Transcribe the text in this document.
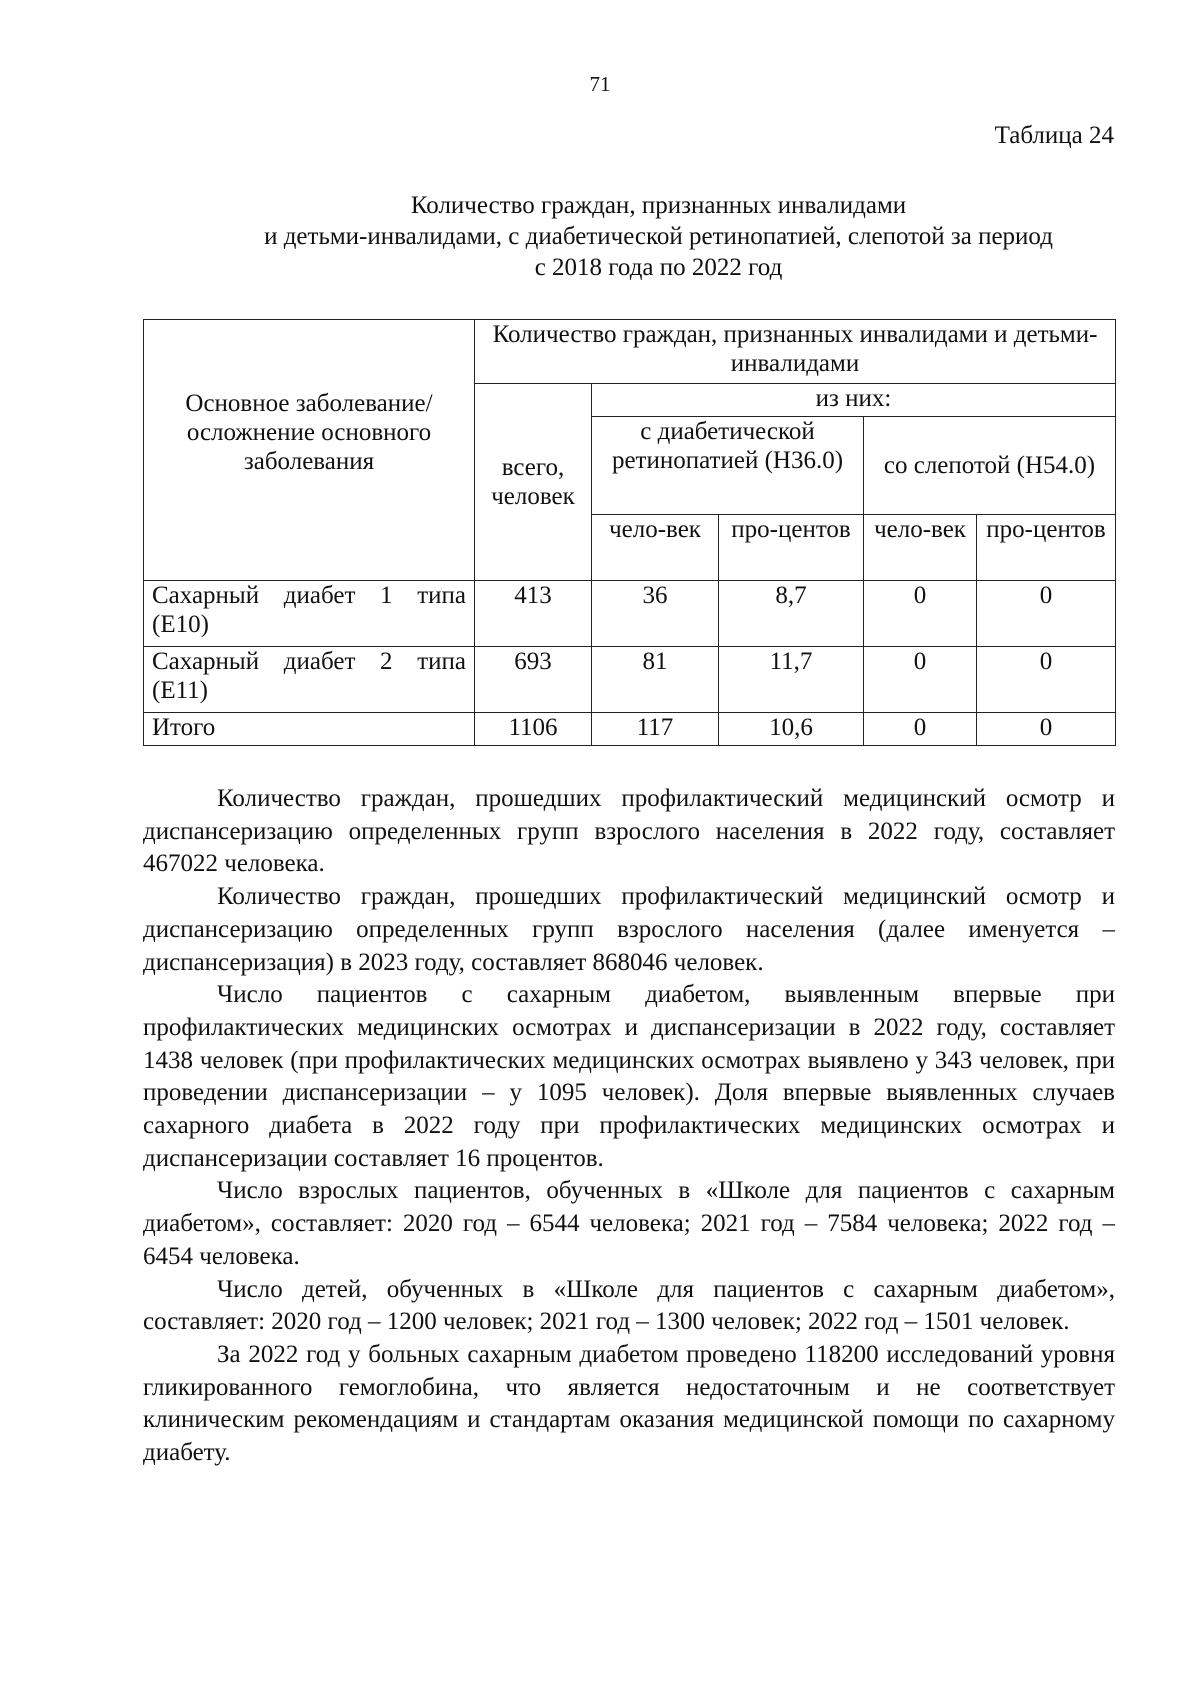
71
Таблица 24
Количество граждан, признанных инвалидами
и детьми-инвалидами, с диабетической ретинопатией, слепотой за период
с 2018 года по 2022 год
Основное заболевание/осложнение основного заболевания	Количество граждан, признанных инвалидами и детьми-инвалидами				
	всего, человек	из них:			
		с диабетической ретинопатией (Н36.0)		со слепотой (Н54.0)	
		чело-век	про-центов	чело-век	про-центов
Сахарный диабет 1 типа (Е10)	413	36	8,7	0	0
Сахарный диабет 2 типа (Е11)	693	81	11,7	0	0
Итого	1106	117	10,6	0	0

Количество граждан, прошедших профилактический медицинский осмотр и диспансеризацию определенных групп взрослого населения в 2022 году, составляет 467022 человека.

Количество граждан, прошедших профилактический медицинский осмотр и диспансеризацию определенных групп взрослого населения (далее именуется – диспансеризация) в 2023 году, составляет 868046 человек.

Число пациентов с сахарным диабетом, выявленным впервые при профилактических медицинских осмотрах и диспансеризации в 2022 году, составляет 1438 человек (при профилактических медицинских осмотрах выявлено у 343 человек, при проведении диспансеризации – у 1095 человек). Доля впервые выявленных случаев сахарного диабета в 2022 году при профилактических медицинских осмотрах и диспансеризации составляет 16 процентов.

Число взрослых пациентов, обученных в «Школе для пациентов с сахарным диабетом», составляет: 2020 год – 6544 человека; 2021 год – 7584 человека; 2022 год – 6454 человека.

Число детей, обученных в «Школе для пациентов с сахарным диабетом», составляет: 2020 год – 1200 человек; 2021 год – 1300 человек; 2022 год – 1501 человек.

За 2022 год у больных сахарным диабетом проведено 118200 исследований уровня гликированного гемоглобина, что является недостаточным и не соответствует клиническим рекомендациям и стандартам оказания медицинской помощи по сахарному диабету.
